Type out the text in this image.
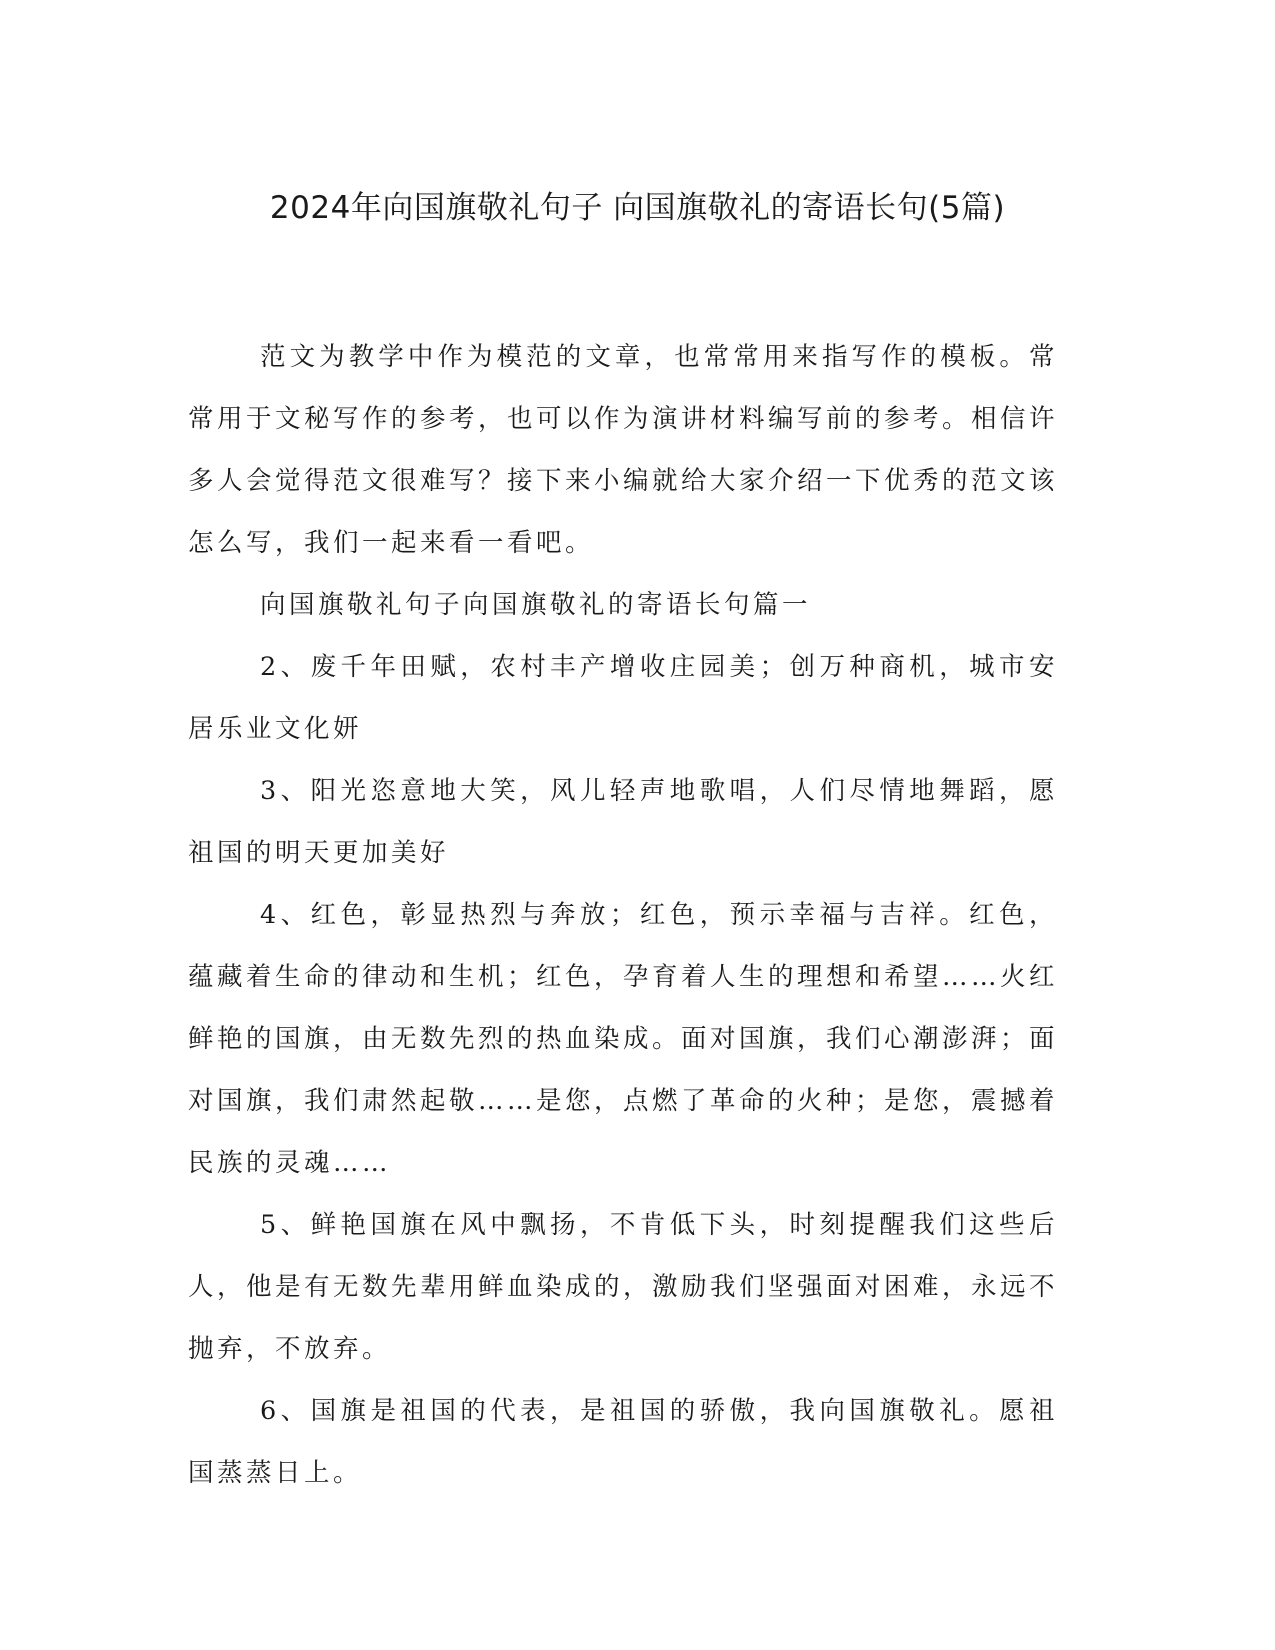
2024年向国旗敬礼句子 向国旗敬礼的寄语长句(5篇)

范文为教学中作为模范的文章，也常常用来指写作的模板。常常用于文秘写作的参考，也可以作为演讲材料编写前的参考。相信许多人会觉得范文很难写？接下来小编就给大家介绍一下优秀的范文该怎么写，我们一起来看一看吧。

向国旗敬礼句子向国旗敬礼的寄语长句篇一

2、废千年田赋，农村丰产增收庄园美；创万种商机，城市安居乐业文化妍

3、阳光恣意地大笑，风儿轻声地歌唱，人们尽情地舞蹈，愿祖国的明天更加美好

4、红色，彰显热烈与奔放；红色，预示幸福与吉祥。红色，蕴藏着生命的律动和生机；红色，孕育着人生的理想和希望……火红鲜艳的国旗，由无数先烈的热血染成。面对国旗，我们心潮澎湃；面对国旗，我们肃然起敬……是您，点燃了革命的火种；是您，震撼着民族的灵魂……

5、鲜艳国旗在风中飘扬，不肯低下头，时刻提醒我们这些后人，他是有无数先辈用鲜血染成的，激励我们坚强面对困难，永远不抛弃，不放弃。

6、国旗是祖国的代表，是祖国的骄傲，我向国旗敬礼。愿祖国蒸蒸日上。
